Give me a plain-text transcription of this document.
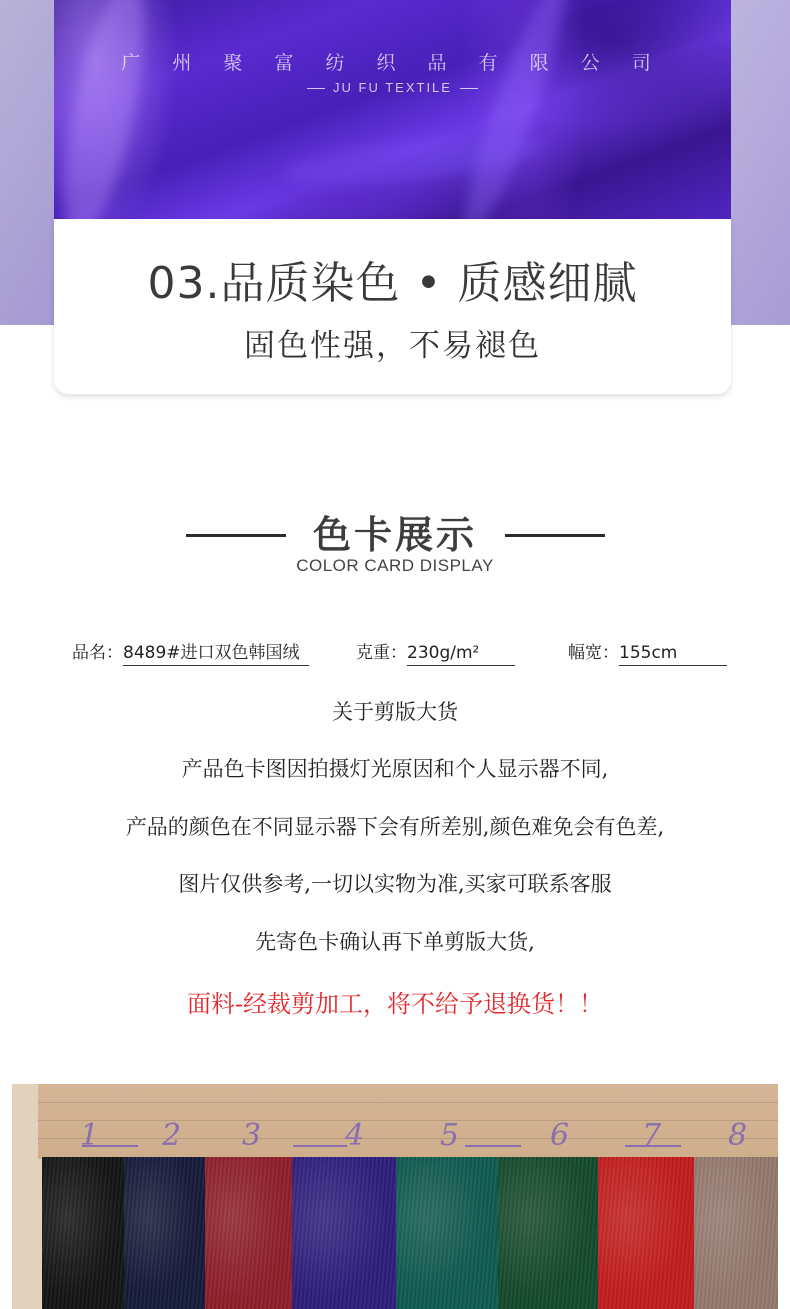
广 州 聚 富 纺 织 品 有 限 公 司
JU FU TEXTILE
03.品质染色 • 质感细腻
固色性强，不易褪色
色卡展示
COLOR CARD DISPLAY
品名：8489#进口双色韩国绒	克重：230g/m²	幅宽：155cm
关于剪版大货
产品色卡图因拍摄灯光原因和个人显示器不同,
产品的颜色在不同显示器下会有所差别,颜色难免会有色差,
图片仅供参考,一切以实物为准,买家可联系客服
先寄色卡确认再下单剪版大货,
面料-经裁剪加工，将不给予退换货！！
1 2 3	4	5	6 7 8
